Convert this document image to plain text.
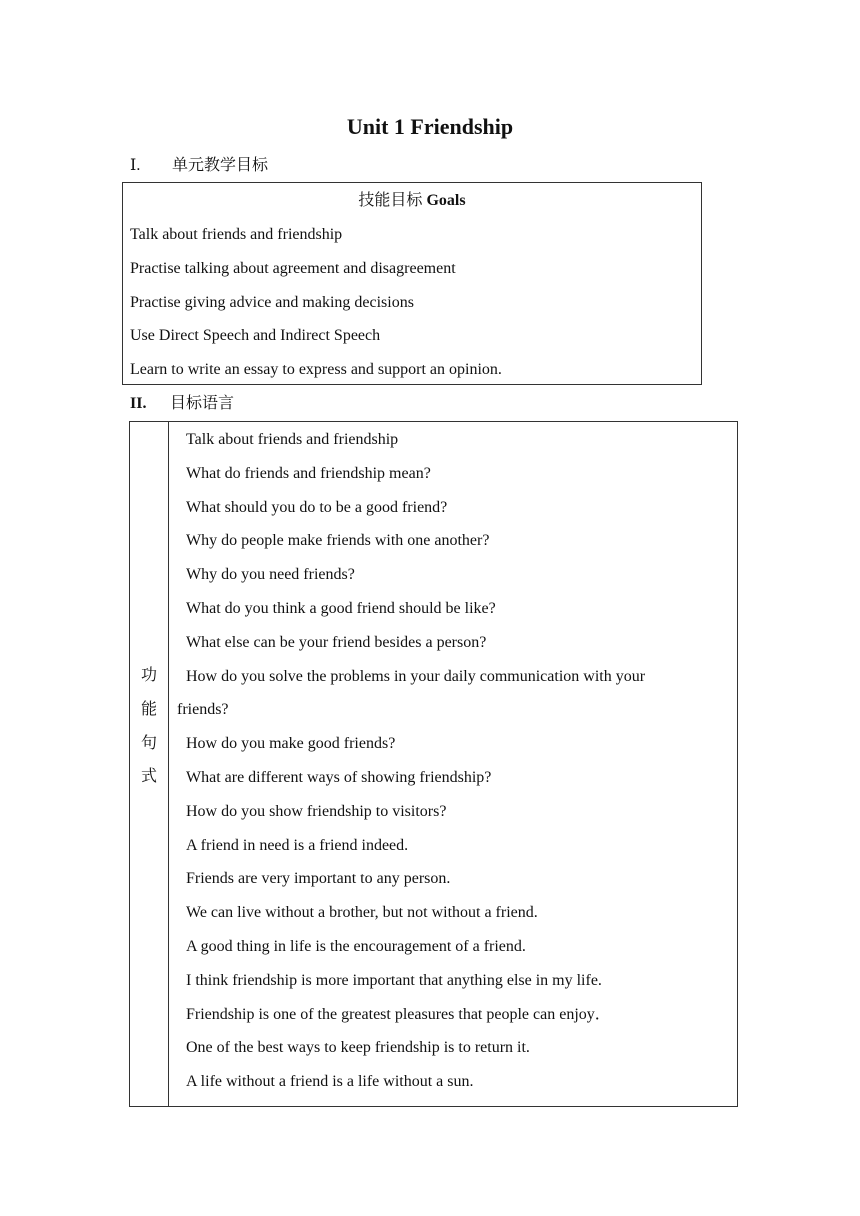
Unit 1 Friendship
Ⅰ. 单元教学目标
技能目标 Goals
Talk about friends and friendship
Practise talking about agreement and disagreement
Practise giving advice and making decisions
Use Direct Speech and Indirect Speech
Learn to write an essay to express and support an opinion.
II. 目标语言
功
能
句
式
Talk about friends and friendship
What do friends and friendship mean?
What should you do to be a good friend?
Why do people make friends with one another?
Why do you need friends?
What do you think a good friend should be like?
What else can be your friend besides a person?
How do you solve the problems in your daily communication with your
friends?
How do you make good friends?
What are different ways of showing friendship?
How do you show friendship to visitors?
A friend in need is a friend indeed.
Friends are very important to any person.
We can live without a brother, but not without a friend.
A good thing in life is the encouragement of a friend.
I think friendship is more important that anything else in my life.
Friendship is one of the greatest pleasures that people can enjoy．
One of the best ways to keep friendship is to return it.
A life without a friend is a life without a sun.
